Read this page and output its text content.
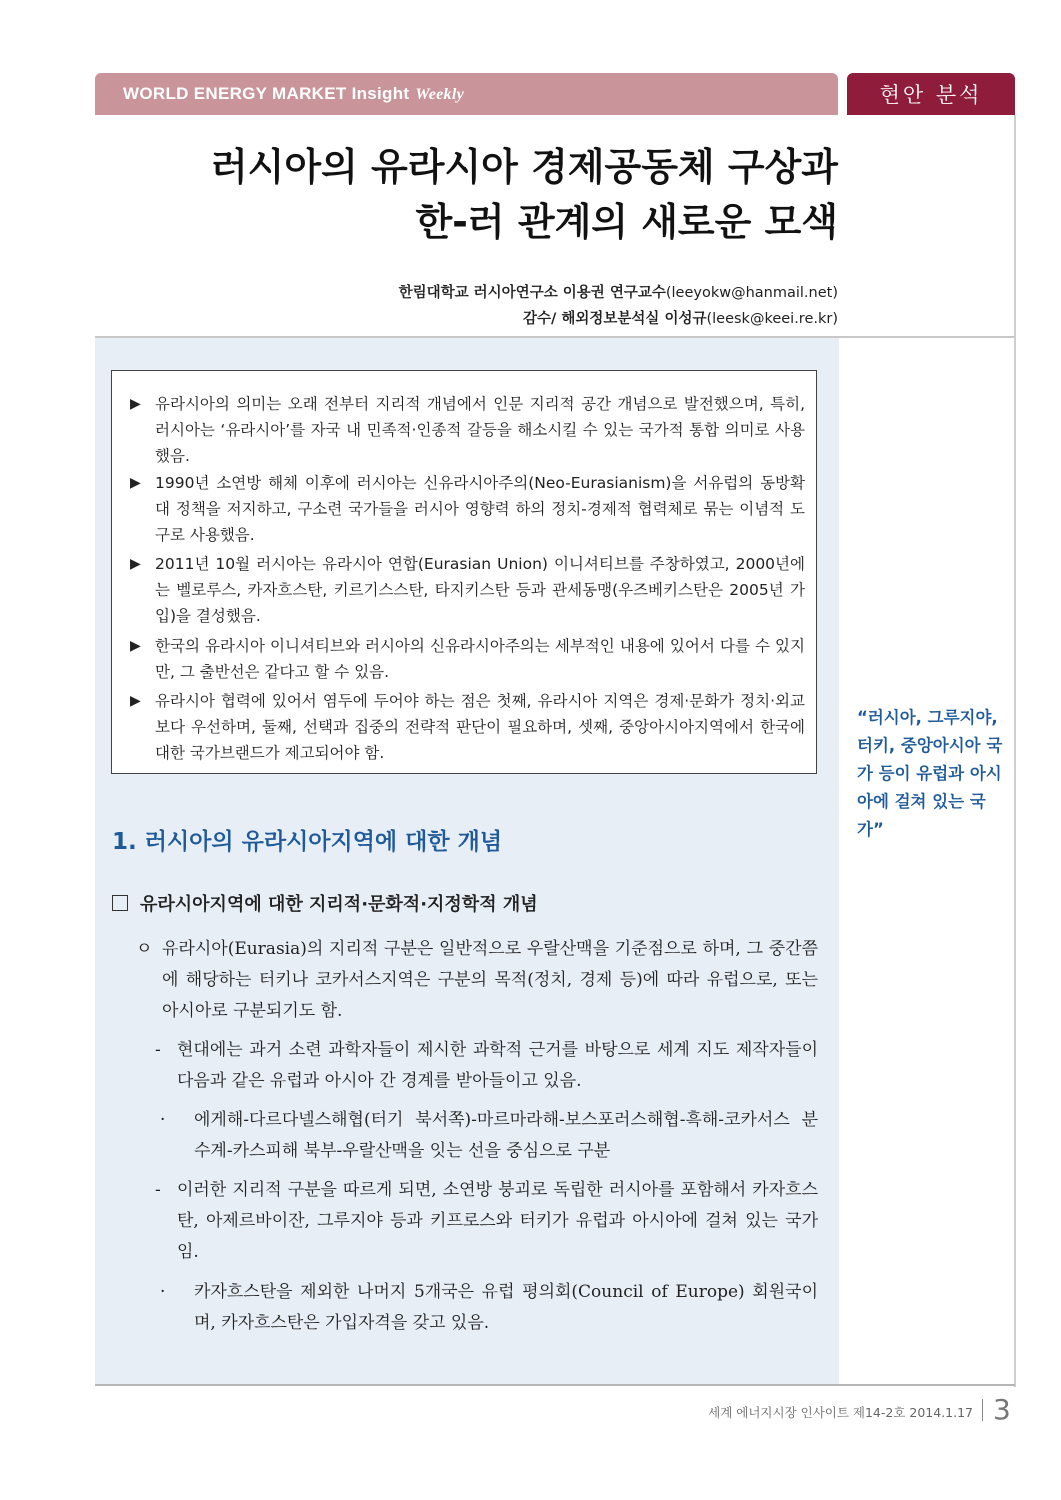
WORLD ENERGY MARKET Insight Weekly	현안 분석
러시아의 유라시아 경제공동체 구상과
한-러 관계의 새로운 모색
한림대학교 러시아연구소 이용권 연구교수(leeyokw@hanmail.net)
감수/ 해외정보분석실 이성규(leesk@keei.re.kr)
▶ 유라시아의 의미는 오래 전부터 지리적 개념에서 인문 지리적 공간 개념으로 발전했으며, 특히, 러시아는 ‘유라시아’를 자국 내 민족적·인종적 갈등을 해소시킬 수 있는 국가적 통합 의미로 사용했음.
▶ 1990년 소연방 해체 이후에 러시아는 신유라시아주의(Neo-Eurasianism)을 서유럽의 동방확대 정책을 저지하고, 구소련 국가들을 러시아 영향력 하의 정치-경제적 협력체로 묶는 이념적 도구로 사용했음.
▶ 2011년 10월 러시아는 유라시아 연합(Eurasian Union) 이니셔티브를 주창하였고, 2000년에는 벨로루스, 카자흐스탄, 키르기스스탄, 타지키스탄 등과 관세동맹(우즈베키스탄은 2005년 가입)을 결성했음.
▶ 한국의 유라시아 이니셔티브와 러시아의 신유라시아주의는 세부적인 내용에 있어서 다를 수 있지만, 그 출반선은 같다고 할 수 있음.
▶ 유라시아 협력에 있어서 염두에 두어야 하는 점은 첫째, 유라시아 지역은 경제·문화가 정치·외교보다 우선하며, 둘째, 선택과 집중의 전략적 판단이 필요하며, 셋째, 중앙아시아지역에서 한국에 대한 국가브랜드가 제고되어야 함.
“러시아, 그루지야, 터키, 중앙아시아 국가 등이 유럽과 아시아에 걸쳐 있는 국가”
1. 러시아의 유라시아지역에 대한 개념
유라시아지역에 대한 지리적·문화적·지정학적 개념
ㅇ 유라시아(Eurasia)의 지리적 구분은 일반적으로 우랄산맥을 기준점으로 하며, 그 중간쯤에 해당하는 터키나 코카서스지역은 구분의 목적(정치, 경제 등)에 따라 유럽으로, 또는 아시아로 구분되기도 함.
- 현대에는 과거 소련 과학자들이 제시한 과학적 근거를 바탕으로 세계 지도 제작자들이 다음과 같은 유럽과 아시아 간 경계를 받아들이고 있음.
·	에게해-다르다넬스해협(터기 북서쪽)-마르마라해-보스포러스해협-흑해-코카서스 분수계-카스피해 북부-우랄산맥을 잇는 선을 중심으로 구분
- 이러한 지리적 구분을 따르게 되면, 소연방 붕괴로 독립한 러시아를 포함해서 카자흐스탄, 아제르바이잔, 그루지야 등과 키프로스와 터키가 유럽과 아시아에 걸쳐 있는 국가임.
·	카자흐스탄을 제외한 나머지 5개국은 유럽 평의회(Council of Europe) 회원국이며, 카자흐스탄은 가입자격을 갖고 있음.
세계 에너지시장 인사이트 제14-2호 2014.1.17 3
